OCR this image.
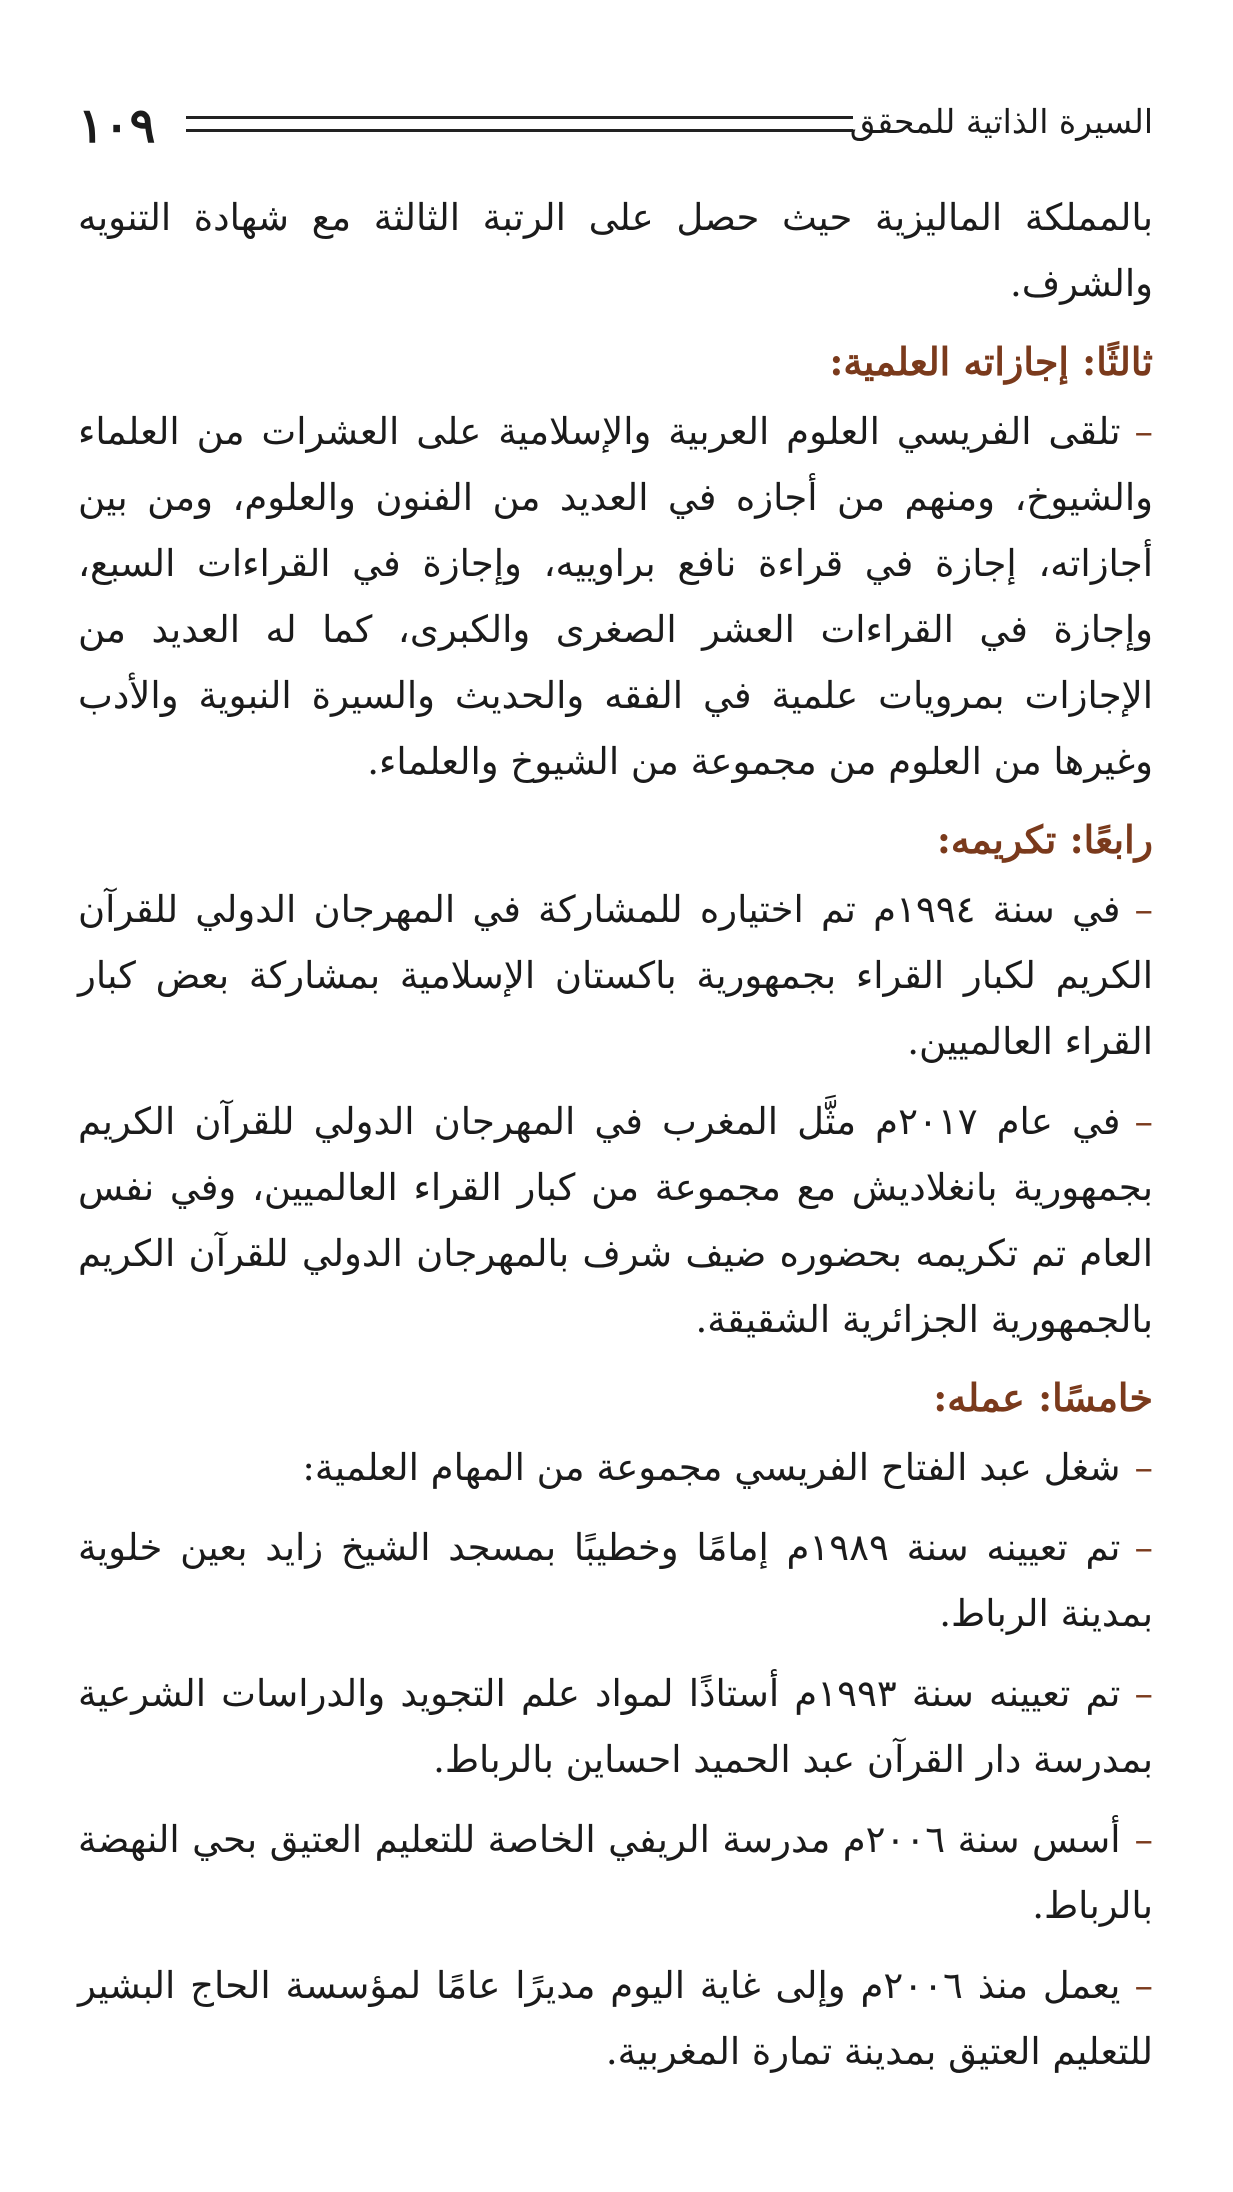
١٠٩	السيرة الذاتية للمحقق

بالمملكة الماليزية حيث حصل على الرتبة الثالثة مع شهادة التنويه والشرف.

ثالثًا: إجازاته العلمية:

–تلقى الفريسي العلوم العربية والإسلامية على العشرات من العلماء والشيوخ، ومنهم من أجازه في العديد من الفنون والعلوم، ومن بين أجازاته، إجازة في قراءة نافع براوييه، وإجازة في القراءات السبع، وإجازة في القراءات العشر الصغرى والكبرى، كما له العديد من الإجازات بمرويات علمية في الفقه والحديث والسيرة النبوية والأدب وغيرها من العلوم من مجموعة من الشيوخ والعلماء.

رابعًا: تكريمه:

–في سنة ١٩٩٤م تم اختياره للمشاركة في المهرجان الدولي للقرآن الكريم لكبار القراء بجمهورية باكستان الإسلامية بمشاركة بعض كبار القراء العالميين.

–في عام ٢٠١٧م مثَّل المغرب في المهرجان الدولي للقرآن الكريم بجمهورية بانغلاديش مع مجموعة من كبار القراء العالميين، وفي نفس العام تم تكريمه بحضوره ضيف شرف بالمهرجان الدولي للقرآن الكريم بالجمهورية الجزائرية الشقيقة.

خامسًا: عمله:

–شغل عبد الفتاح الفريسي مجموعة من المهام العلمية:

–تم تعيينه سنة ١٩٨٩م إمامًا وخطيبًا بمسجد الشيخ زايد بعين خلوية بمدينة الرباط.

–تم تعيينه سنة ١٩٩٣م أستاذًا لمواد علم التجويد والدراسات الشرعية بمدرسة دار القرآن عبد الحميد احساين بالرباط.

–أسس سنة ٢٠٠٦م مدرسة الريفي الخاصة للتعليم العتيق بحي النهضة بالرباط.

–يعمل منذ ٢٠٠٦م وإلى غاية اليوم مديرًا عامًا لمؤسسة الحاج البشير للتعليم العتيق بمدينة تمارة المغربية.
